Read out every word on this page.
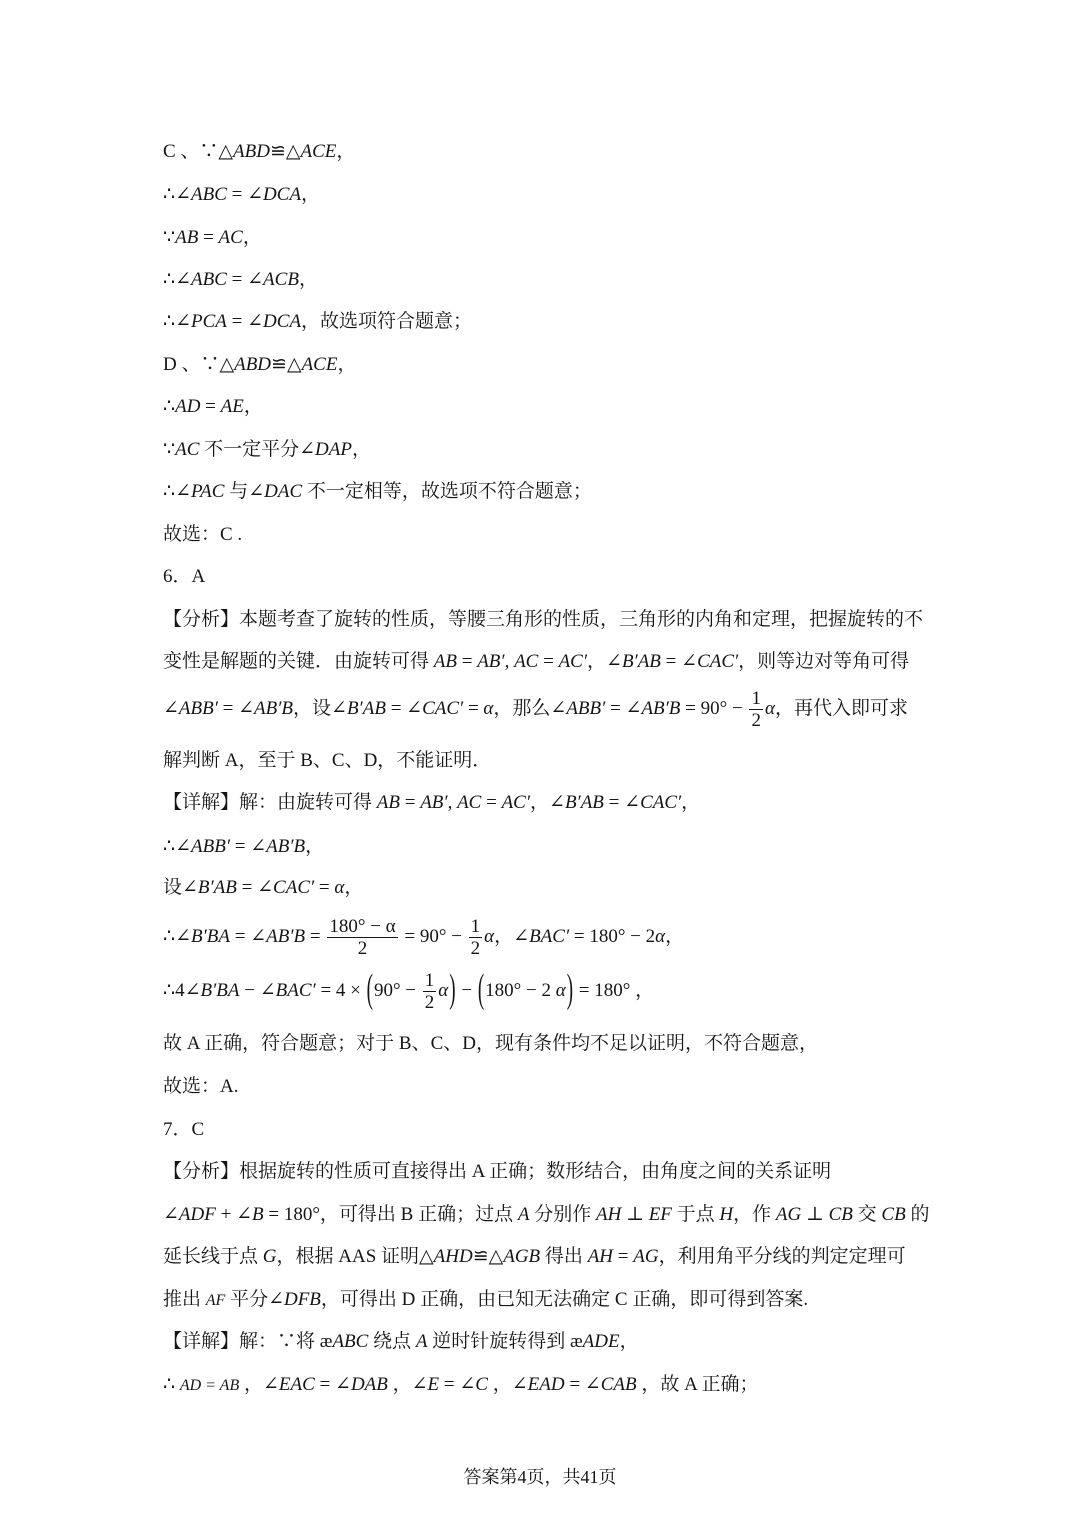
C 、∵△ABD≌△ACE，
∴∠ABC = ∠DCA，
∵AB = AC，
∴∠ABC = ∠ACB，
∴∠PCA = ∠DCA，故选项符合题意；
D 、∵△ABD≌△ACE，
∴AD = AE，
∵AC 不一定平分∠DAP，
∴∠PAC 与∠DAC 不一定相等，故选项不符合题意；
故选：C .
6．A
【分析】本题考查了旋转的性质，等腰三角形的性质，三角形的内角和定理，把握旋转的不
变性是解题的关键．由旋转可得 AB = AB′, AC = AC′，∠B′AB = ∠CAC′，则等边对等角可得
∠ABB′ = ∠AB′B，设∠B′AB = ∠CAC′ = α，那么∠ABB′ = ∠AB′B = $90^\circ - \frac{1}{2}$ α，再代入即可求
解判断 A，至于 B、C、D，不能证明．
【详解】解：由旋转可得 AB = AB′, AC = AC′，∠B′AB = ∠CAC′，
∴∠ABB′ = ∠AB′B，
设∠B′AB = ∠CAC′ = α，
∴∠B′BA = ∠AB′B = $\frac{180^\circ - \alpha}{2} = 90^\circ - \frac{1}{2}$ α，∠BAC′ = 180° − 2α，
∴4∠B′BA − ∠BAC′ = $4 \times (90^\circ - \frac{1}{2} \alpha) - (180^\circ - 2$ α) = 180° ，
故 A 正确，符合题意；对于 B、C、D，现有条件均不足以证明，不符合题意，
故选：A.
7．C
【分析】根据旋转的性质可直接得出 A 正确；数形结合，由角度之间的关系证明
∠ADF + ∠B = 180°，可得出 B 正确；过点 A 分别作 AH ⊥ EF 于点 H，作 AG ⊥ CB 交 CB 的
延长线于点 G，根据 AAS 证明△AHD≌△AGB 得出 AH = AG，利用角平分线的判定定理可
推出 AF 平分∠DFB，可得出 D 正确，由已知无法确定 C 正确，即可得到答案.
【详解】解：∵将 æABC 绕点 A 逆时针旋转得到 æADE，
∴ AD = AB ，∠EAC = ∠DAB ，∠E = ∠C ，∠EAD = ∠CAB ，故 A 正确；
答案第4页，共41页
